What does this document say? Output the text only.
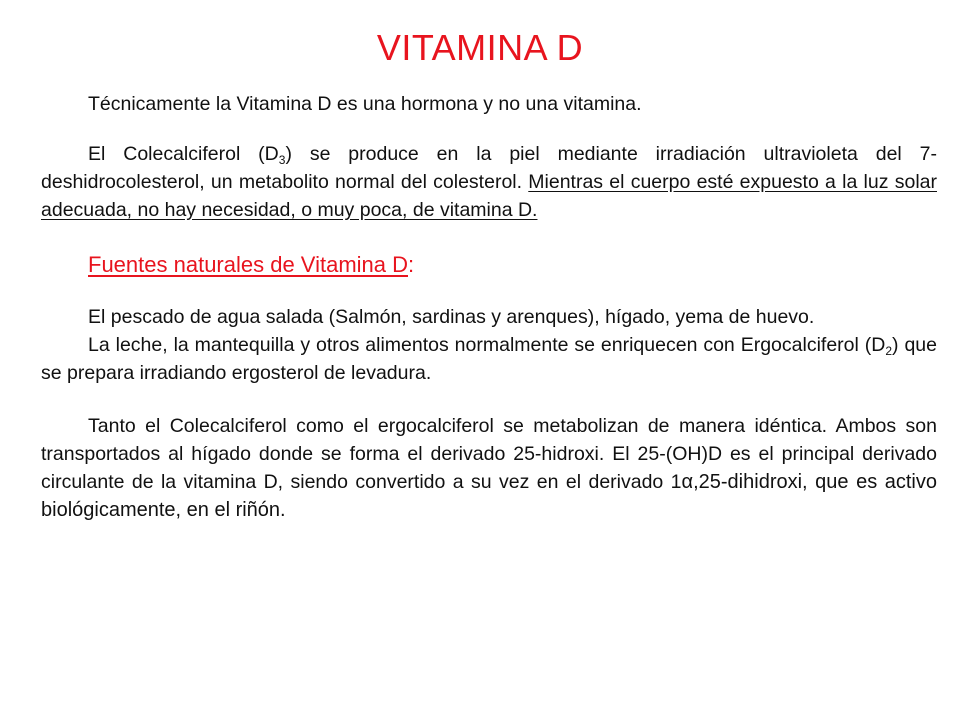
VITAMINA D

Técnicamente la Vitamina D es una hormona y no una vitamina.

El Colecalciferol $(D_3)$ se produce en la piel mediante irradiación ultravioleta del 7-deshidrocolesterol, un metabolito normal del colesterol. Mientras el cuerpo esté expuesto a la luz solar adecuada, no hay necesidad, o muy poca, de vitamina D.

Fuentes naturales de Vitamina D:

El pescado de agua salada (Salmón, sardinas y arenques), hígado, yema de huevo.

La leche, la mantequilla y otros alimentos normalmente se enriquecen con Ergocalciferol $(D_2)$ que se prepara irradiando ergosterol de levadura.

Tanto el Colecalciferol como el ergocalciferol se metabolizan de manera idéntica. Ambos son transportados al hígado donde se forma el derivado 25-hidroxi. El 25-(OH)D es el principal derivado circulante de la vitamina D, siendo convertido a su vez en el derivado 1α,25-dihidroxi, que es activo biológicamente, en el riñón.
